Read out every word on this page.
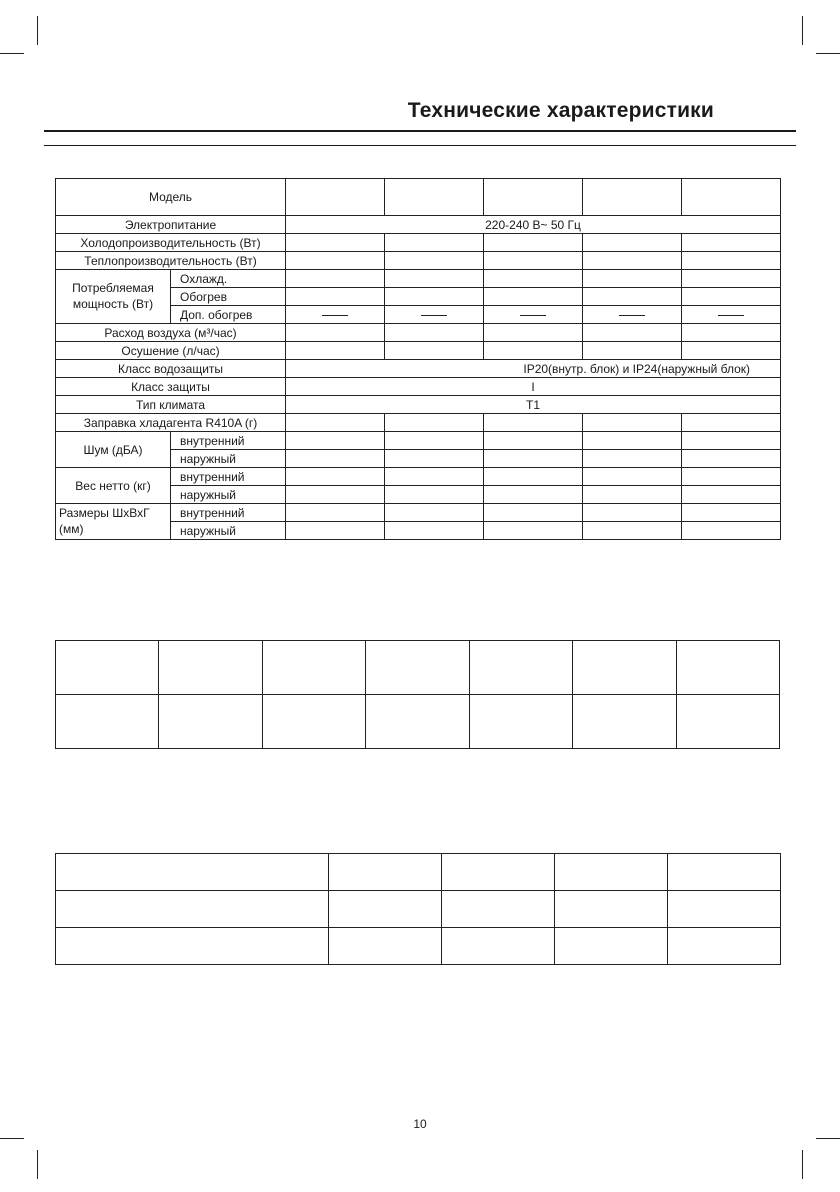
Технические характеристики
Модель						
Электропитание		220-240 В~ 50 Гц				
Холодопроизводительность (Вт)						
Теплопроизводительность (Вт)						
Потребляемая мощность (Вт)	Охлажд.					
	Обогрев					
	Доп. обогрев					
Расход воздуха (м³/час)						
Осушение (л/час)						
Класс водозащиты		IP20(внутр. блок) и IP24(наружный блок)				
Класс защиты		I				
Тип климата		T1				
Заправка хладагента R410A (г)						
Шум (дБА)	внутренний					
	наружный					
Вес нетто (кг)	внутренний					
	наружный					
Размеры ШхВхГ (мм)	внутренний					
	наружный					

10
